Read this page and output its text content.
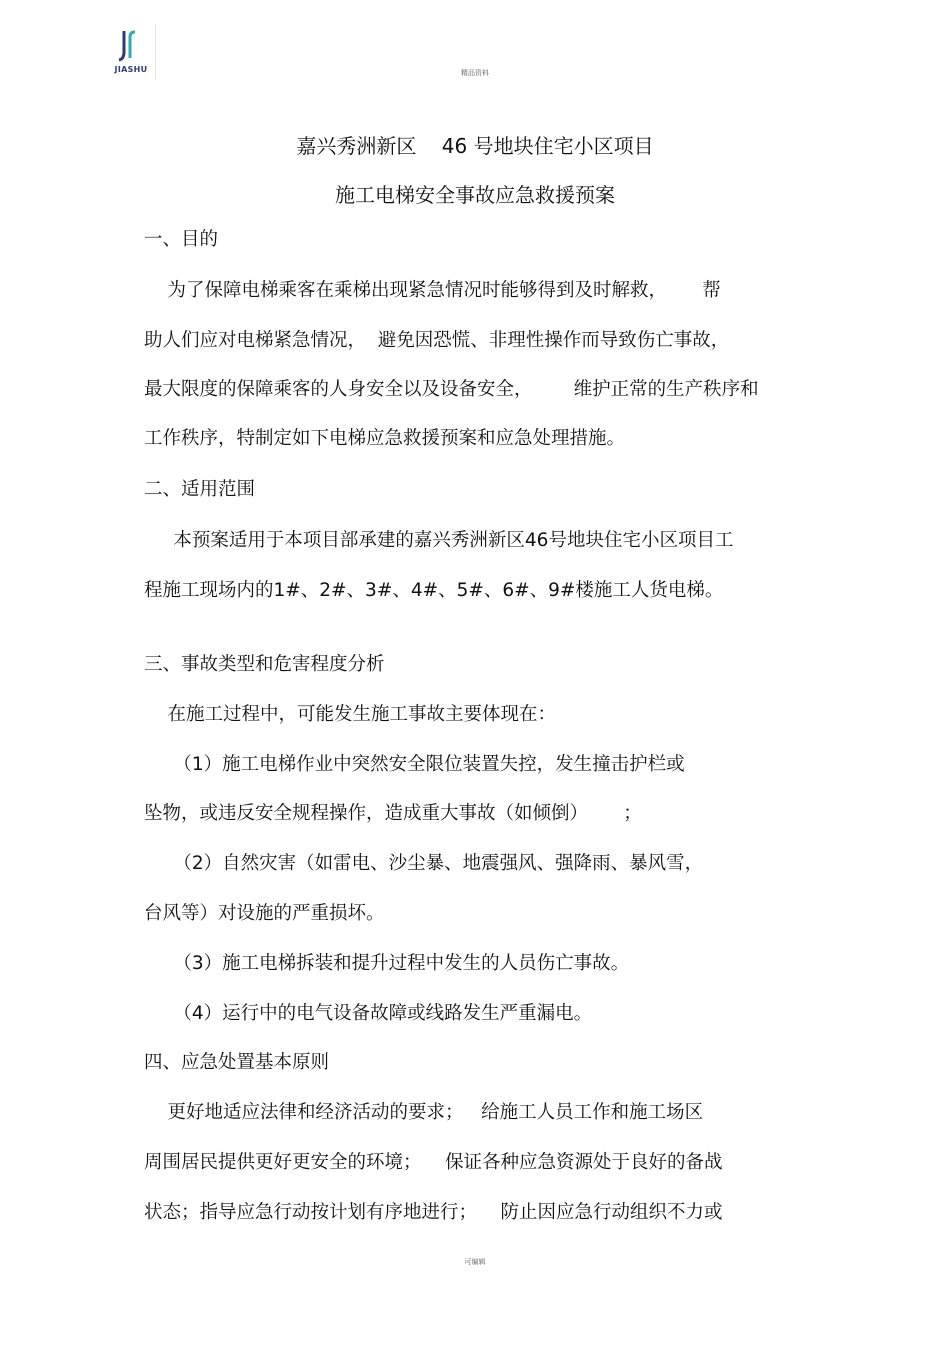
JIASHU	精品资料
嘉兴秀洲新区    46 号地块住宅小区项目
施工电梯安全事故应急救援预案
一、目的
为了保障电梯乘客在乘梯出现紧急情况时能够得到及时解救，      帮
助人们应对电梯紧急情况，  避免因恐慌、非理性操作而导致伤亡事故，
最大限度的保障乘客的人身安全以及设备安全，       维护正常的生产秩序和
工作秩序，特制定如下电梯应急救援预案和应急处理措施。
二、适用范围
本预案适用于本项目部承建的嘉兴秀洲新区46号地块住宅小区项目工
程施工现场内的1#、2#、3#、4#、5#、6#、9#楼施工人货电梯。
三、事故类型和危害程度分析
在施工过程中，可能发生施工事故主要体现在：
（1）施工电梯作业中突然安全限位装置失控，发生撞击护栏或
坠物，或违反安全规程操作，造成重大事故（如倾倒）      ；
（2）自然灾害（如雷电、沙尘暴、地震强风、强降雨、暴风雪，
台风等）对设施的严重损坏。
（3）施工电梯拆装和提升过程中发生的人员伤亡事故。
（4）运行中的电气设备故障或线路发生严重漏电。
四、应急处置基本原则
更好地适应法律和经济活动的要求；   给施工人员工作和施工场区
周围居民提供更好更安全的环境；    保证各种应急资源处于良好的备战
状态；指导应急行动按计划有序地进行；    防止因应急行动组织不力或
可编辑
